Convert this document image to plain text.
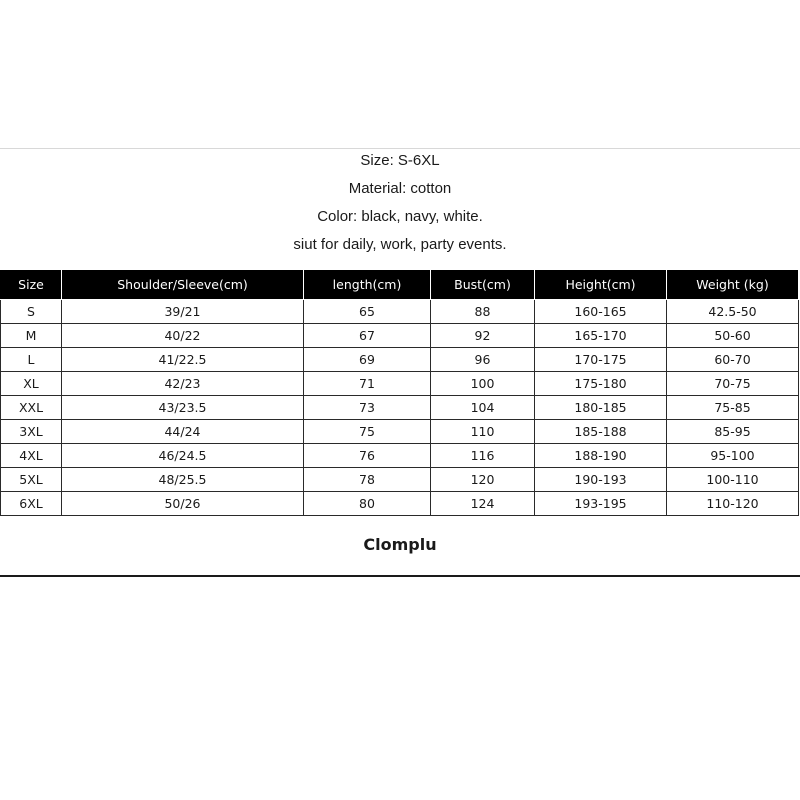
Size: S-6XL
Material: cotton
Color: black, navy, white.
siut for daily, work, party events.
Size	Shoulder/Sleeve(cm)	length(cm)	Bust(cm)	Height(cm)	Weight (kg)
S	39/21	65	88	160-165	42.5-50
M	40/22	67	92	165-170	50-60
L	41/22.5	69	96	170-175	60-70
XL	42/23	71	100	175-180	70-75
XXL	43/23.5	73	104	180-185	75-85
3XL	44/24	75	110	185-188	85-95
4XL	46/24.5	76	116	188-190	95-100
5XL	48/25.5	78	120	190-193	100-110
6XL	50/26	80	124	193-195	110-120
Clomplu
